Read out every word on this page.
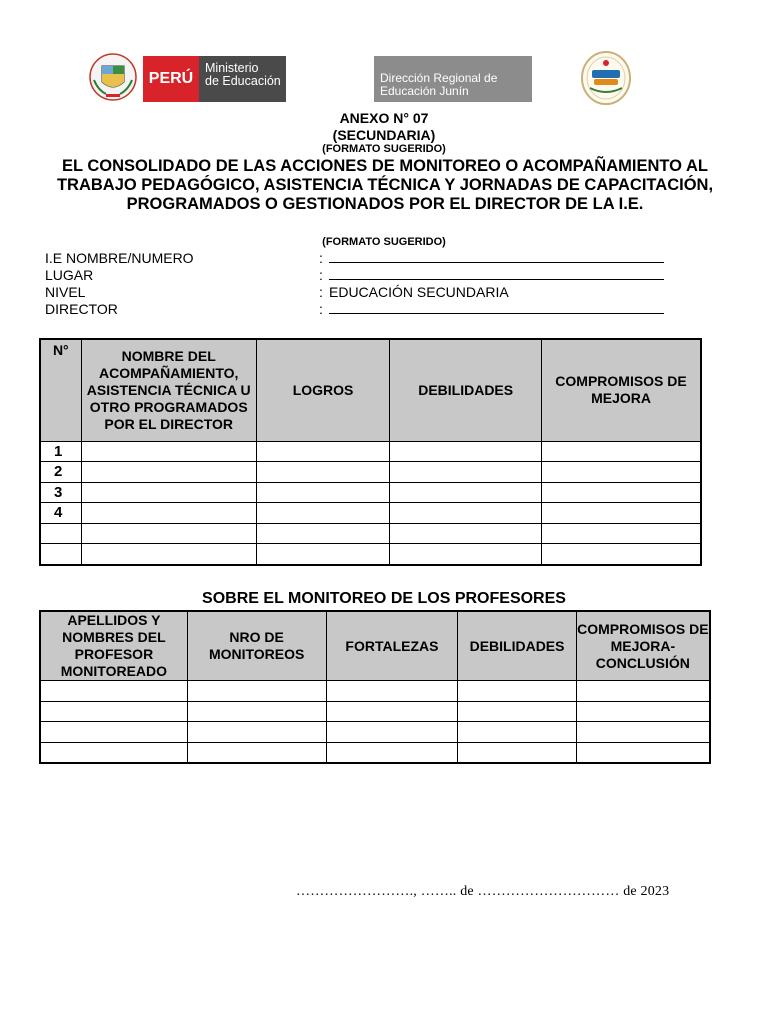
PERÚ
Ministerio
de Educación	Dirección Regional de
Educación Junín
ANEXO N° 07
(SECUNDARIA)
(FORMATO SUGERIDO)
EL CONSOLIDADO DE LAS ACCIONES DE MONITOREO O ACOMPAÑAMIENTO AL TRABAJO PEDAGÓGICO, ASISTENCIA TÉCNICA Y JORNADAS DE CAPACITACIÓN, PROGRAMADOS O GESTIONADOS POR EL DIRECTOR DE LA I.E.
(FORMATO SUGERIDO)
I.E NOMBRE/NUMERO	:
LUGAR	:
NIVEL	: EDUCACIÓN SECUNDARIA
DIRECTOR	:
N°	NOMBRE DEL ACOMPAÑAMIENTO, ASISTENCIA TÉCNICA U OTRO PROGRAMADOS POR EL DIRECTOR	LOGROS	DEBILIDADES	COMPROMISOS DE MEJORA
1				
2				
3				
4				

SOBRE EL MONITOREO DE LOS PROFESORES
APELLIDOS Y NOMBRES DEL PROFESOR MONITOREADO	NRO DE MONITOREOS	FORTALEZAS	DEBILIDADES	COMPROMISOS DE MEJORA-CONCLUSIÓN

……………………., …….. de ………………………… de 2023
